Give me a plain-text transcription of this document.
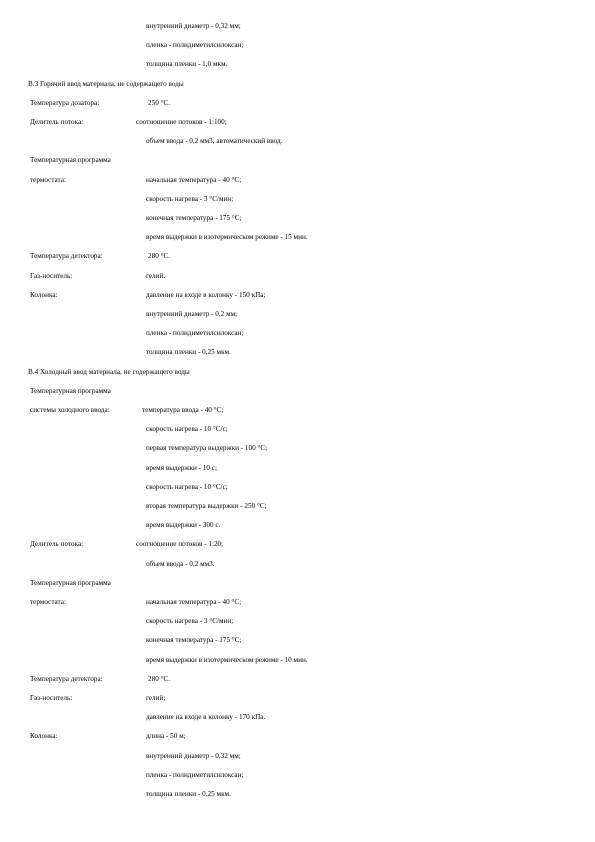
внутренний диаметр - 0,32 мм;
пленка - полидиметилсилоксан;
толщина пленки - 1,0 мкм.
В.3 Горячий ввод материала, не содержащего воды
Температура дозатора:	250 °С.
Делитель потока:	соотношение потоков - 1:100;
объем ввода - 0,2 мм3, автоматический ввод.
Температурная программа
термостата:	начальная температура - 40 °С;
скорость нагрева - 3 °С/мин;
конечная температура - 175 °С;
время выдержки в изотермическом режиме - 15 мин.
Температура детектора:	280 °С.
Газ-носитель:	гелий.
Колонка:	давление на входе в колонку - 150 кПа;
внутренний диаметр - 0,2 мм;
пленка - полидиметилсилоксан;
толщина пленки - 0,25 мкм.
В.4 Холодный ввод материала, не содержащего воды
Температурная программа
системы холодного ввода:	температура ввода - 40 °С;
скорость нагрева - 10 °С/с;
первая температура выдержки - 100 °С;
время выдержки - 10 с;
скорость нагрева - 10 °С/с;
вторая температура выдержки - 250 °С;
время выдержки - 300 с.
Делитель потока:	соотношение потоков - 1:20;
объем ввода - 0,2 мм3.
Температурная программа
термостата:	начальная температура - 40 °С;
скорость нагрева - 3 °С/мин;
конечная температура - 175 °С;
время выдержки в изотермическом режиме - 10 мин.
Температура детектора:	280 °С.
Газ-носитель:	гелий;
давление на входе в колонку - 170 кПа.
Колонка:	длина - 50 м;
внутренний диаметр - 0,32 мм;
пленка - полидиметилсилоксан;
толщина пленки - 0,25 мкм.
